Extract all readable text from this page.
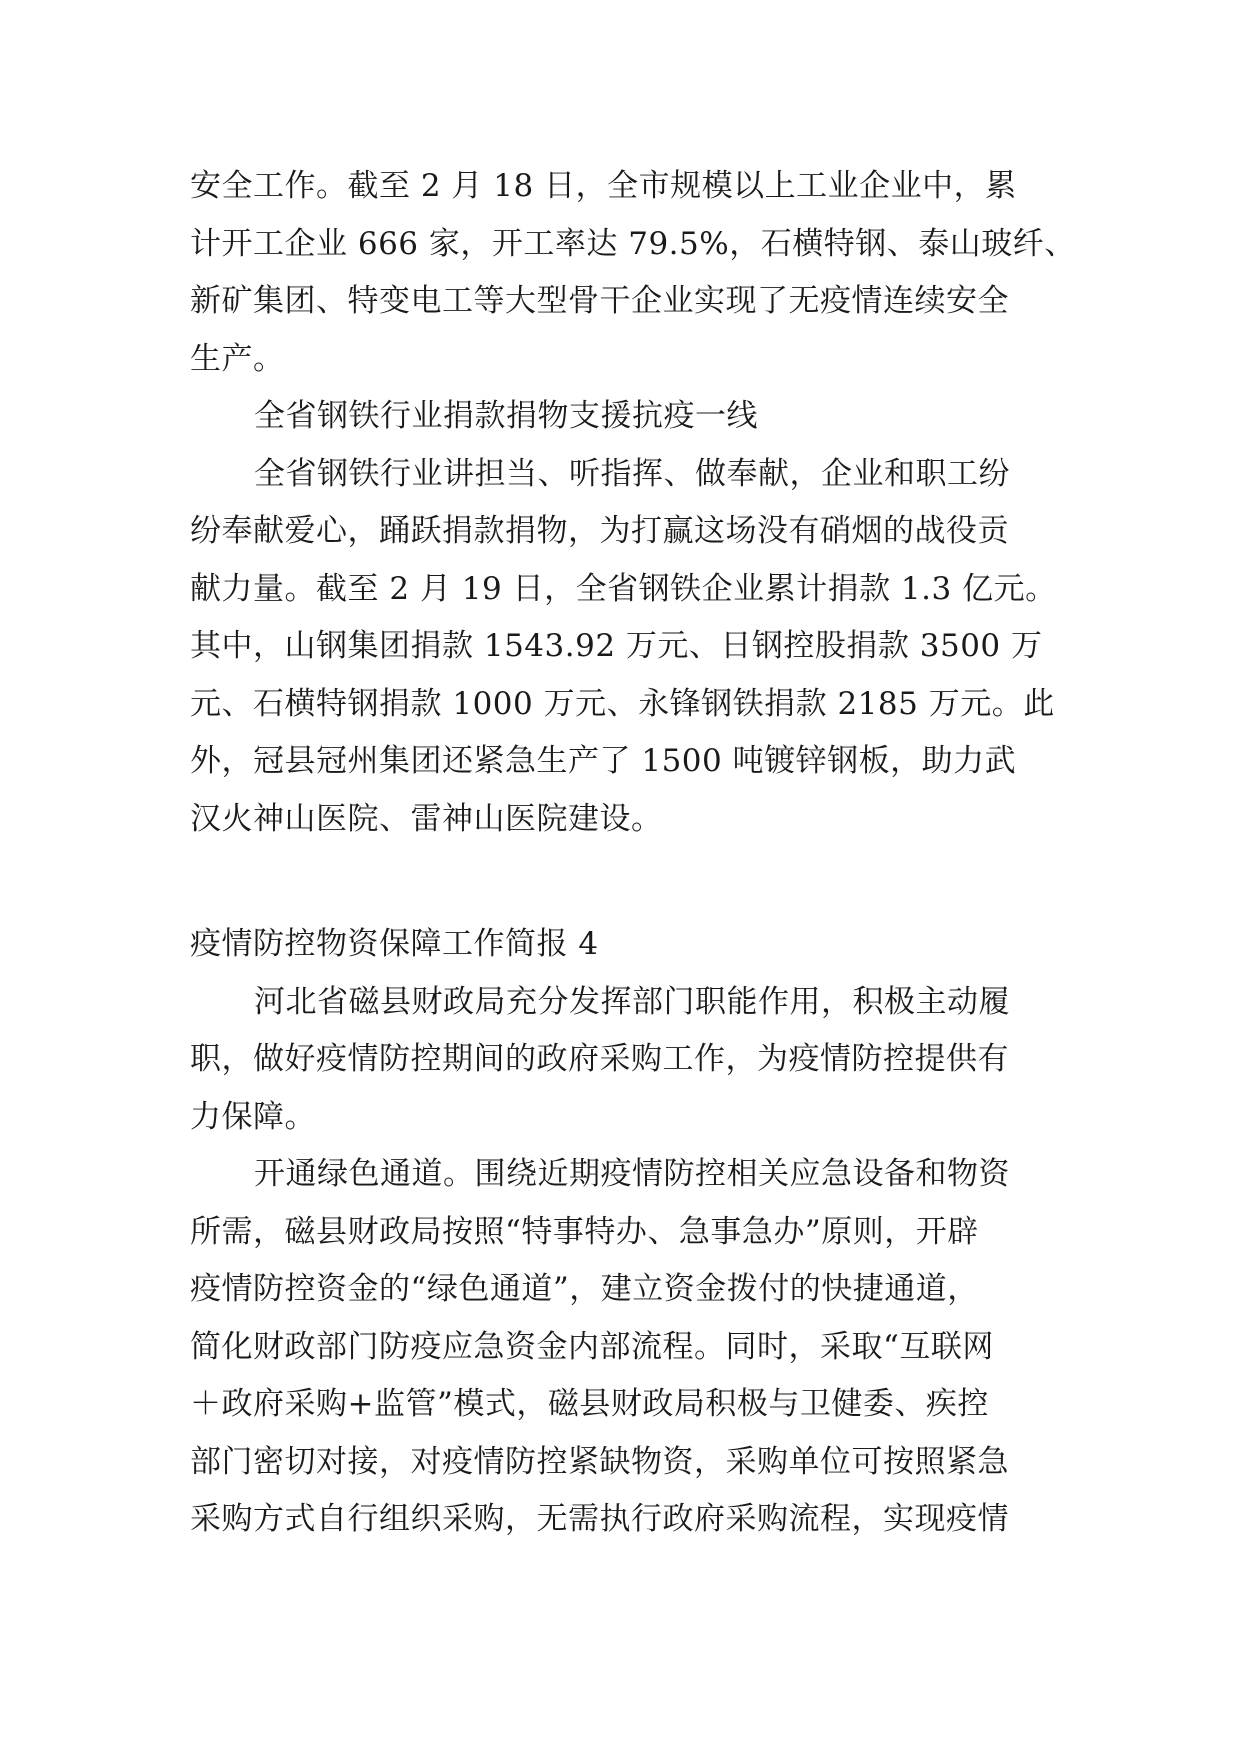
安全工作。截至 2 月 18 日，全市规模以上工业企业中，累
计开工企业 666 家，开工率达 79.5%，石横特钢、泰山玻纤、
新矿集团、特变电工等大型骨干企业实现了无疫情连续安全
生产。
全省钢铁行业捐款捐物支援抗疫一线
全省钢铁行业讲担当、听指挥、做奉献，企业和职工纷
纷奉献爱心，踊跃捐款捐物，为打赢这场没有硝烟的战役贡
献力量。截至 2 月 19 日，全省钢铁企业累计捐款 1.3 亿元。
其中，山钢集团捐款 1543.92 万元、日钢控股捐款 3500 万
元、石横特钢捐款 1000 万元、永锋钢铁捐款 2185 万元。此
外，冠县冠州集团还紧急生产了 1500 吨镀锌钢板，助力武
汉火神山医院、雷神山医院建设。
疫情防控物资保障工作简报 4
河北省磁县财政局充分发挥部门职能作用，积极主动履
职，做好疫情防控期间的政府采购工作，为疫情防控提供有
力保障。
开通绿色通道。围绕近期疫情防控相关应急设备和物资
所需，磁县财政局按照“特事特办、急事急办”原则，开辟
疫情防控资金的“绿色通道”，建立资金拨付的快捷通道，
简化财政部门防疫应急资金内部流程。同时，采取“互联网
＋政府采购+监管”模式，磁县财政局积极与卫健委、疾控
部门密切对接，对疫情防控紧缺物资，采购单位可按照紧急
采购方式自行组织采购，无需执行政府采购流程，实现疫情
